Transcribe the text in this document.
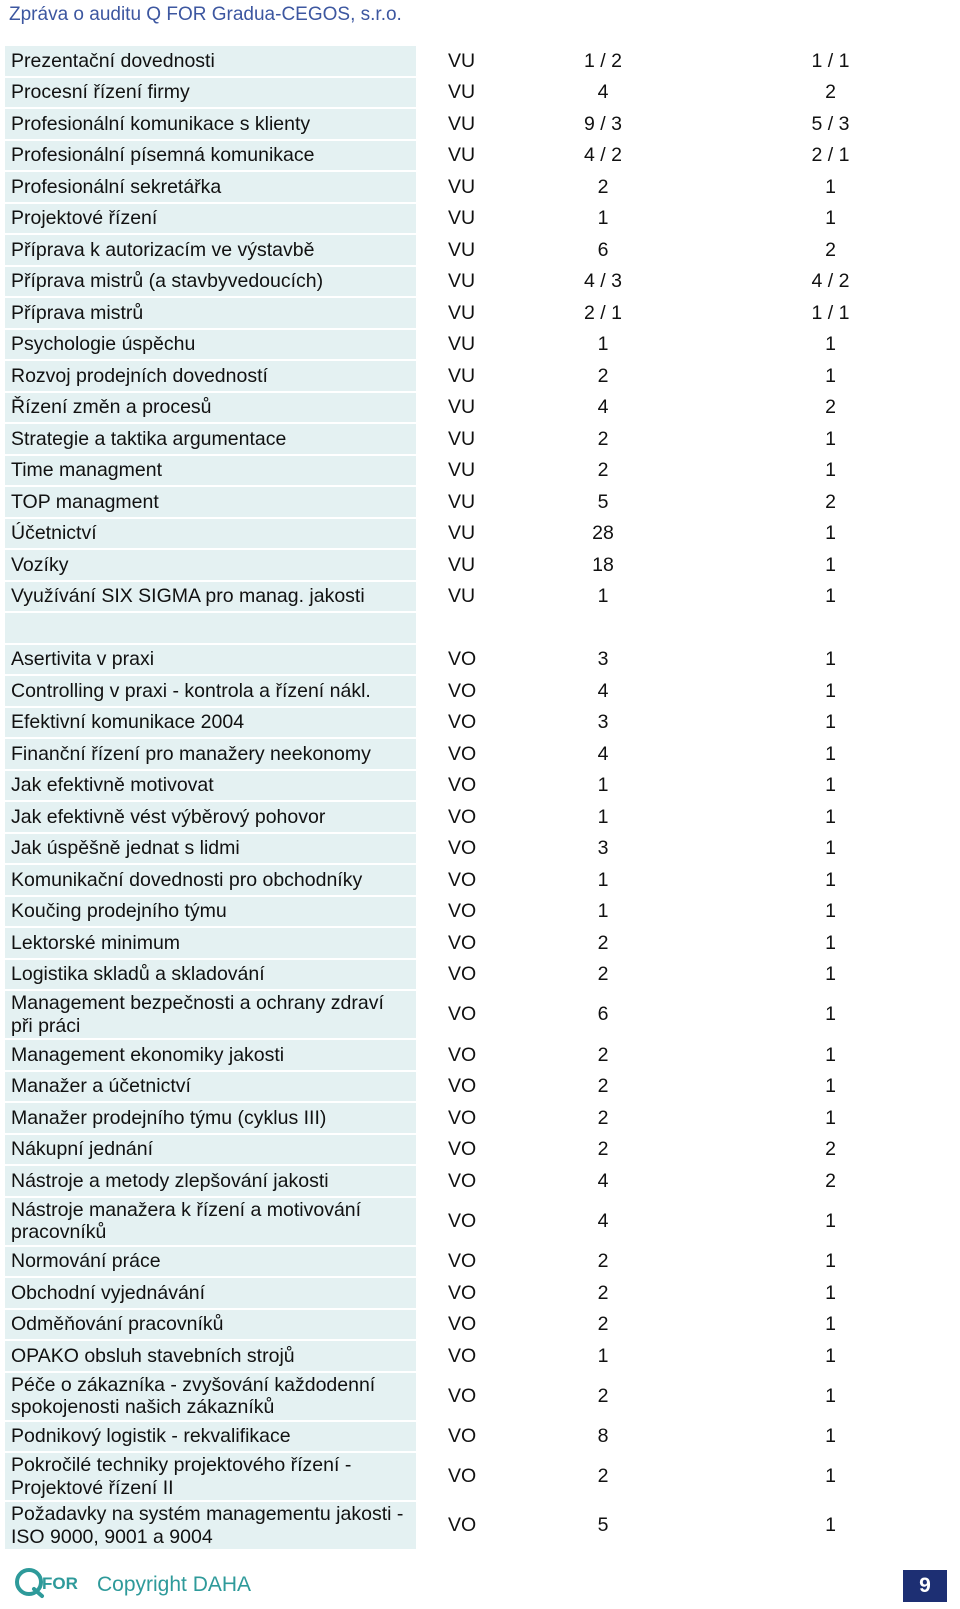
Zpráva o auditu Q FOR Gradua-CEGOS, s.r.o.
Prezentační dovednosti	VU	1 / 2	1 / 1
Procesní řízení firmy	VU	4	2
Profesionální komunikace s klienty	VU	9 / 3	5 / 3
Profesionální písemná komunikace	VU	4 / 2	2 / 1
Profesionální sekretářka	VU	2	1
Projektové řízení	VU	1	1
Příprava k autorizacím ve výstavbě	VU	6	2
Příprava mistrů (a stavbyvedoucích)	VU	4 / 3	4 / 2
Příprava mistrů	VU	2 / 1	1 / 1
Psychologie úspěchu	VU	1	1
Rozvoj prodejních dovedností	VU	2	1
Řízení změn a procesů	VU	4	2
Strategie a taktika argumentace	VU	2	1
Time managment	VU	2	1
TOP managment	VU	5	2
Účetnictví	VU	28	1
Vozíky	VU	18	1
Využívání SIX SIGMA pro manag. jakosti	VU	1	1

Asertivita v praxi	VO	3	1
Controlling v praxi - kontrola a řízení nákl.	VO	4	1
Efektivní komunikace 2004	VO	3	1
Finanční řízení pro manažery neekonomy	VO	4	1
Jak efektivně motivovat	VO	1	1
Jak efektivně vést výběrový pohovor	VO	1	1
Jak úspěšně jednat s lidmi	VO	3	1
Komunikační dovednosti pro obchodníky	VO	1	1
Koučing prodejního týmu	VO	1	1
Lektorské minimum	VO	2	1
Logistika skladů a skladování	VO	2	1
Management bezpečnosti a ochrany zdraví při práci	VO	6	1
Management ekonomiky jakosti	VO	2	1
Manažer a účetnictví	VO	2	1
Manažer prodejního týmu (cyklus III)	VO	2	1
Nákupní jednání	VO	2	2
Nástroje a metody zlepšování jakosti	VO	4	2
Nástroje manažera k řízení a motivování pracovníků	VO	4	1
Normování práce	VO	2	1
Obchodní vyjednávání	VO	2	1
Odměňování pracovníků	VO	2	1
OPAKO obsluh stavebních strojů	VO	1	1
Péče o zákazníka - zvyšování každodenní spokojenosti našich zákazníků	VO	2	1
Podnikový logistik - rekvalifikace	VO	8	1
Pokročilé techniky projektového řízení - Projektové řízení II	VO	2	1
Požadavky na systém managementu jakosti - ISO 9000, 9001 a 9004	VO	5	1
FOR Copyright DAHA	9
